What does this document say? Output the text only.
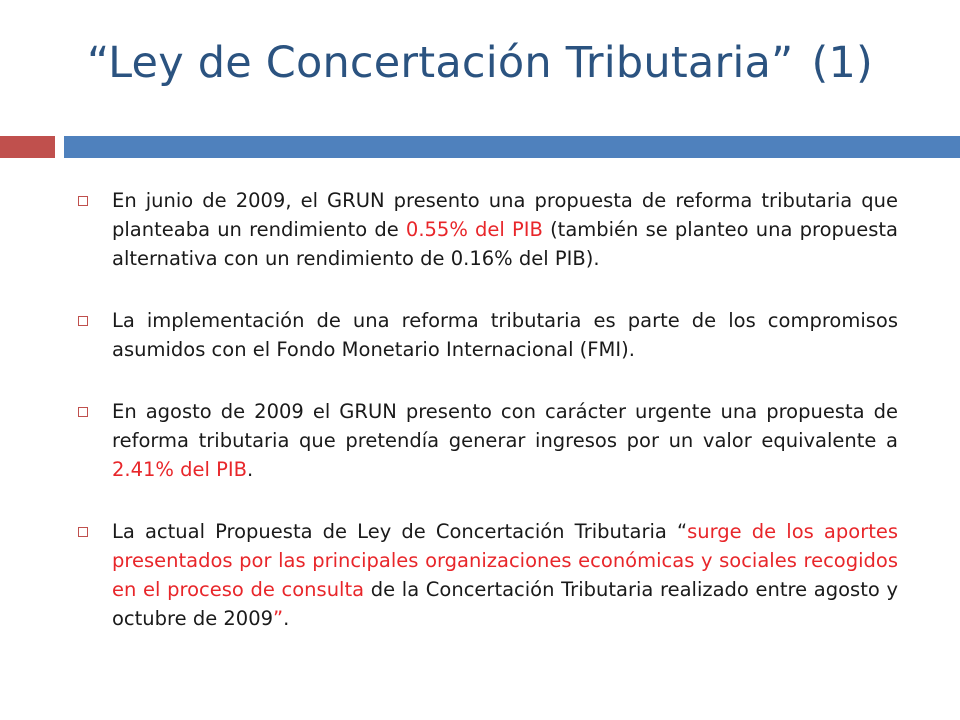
“Ley de Concertación Tributaria” (1)
En junio de 2009, el GRUN presento una propuesta de reforma tributaria que planteaba un rendimiento de 0.55% del PIB (también se planteo una propuesta alternativa con un rendimiento de 0.16% del PIB).
La implementación de una reforma tributaria es parte de los compromisos asumidos con el Fondo Monetario Internacional (FMI).
En agosto de 2009 el GRUN presento con carácter urgente una propuesta de reforma tributaria que pretendía generar ingresos por un valor equivalente a 2.41% del PIB.
La actual Propuesta de Ley de Concertación Tributaria “surge de los aportes presentados por las principales organizaciones económicas y sociales recogidos en el proceso de consulta de la Concertación Tributaria realizado entre agosto y octubre de 2009”.
